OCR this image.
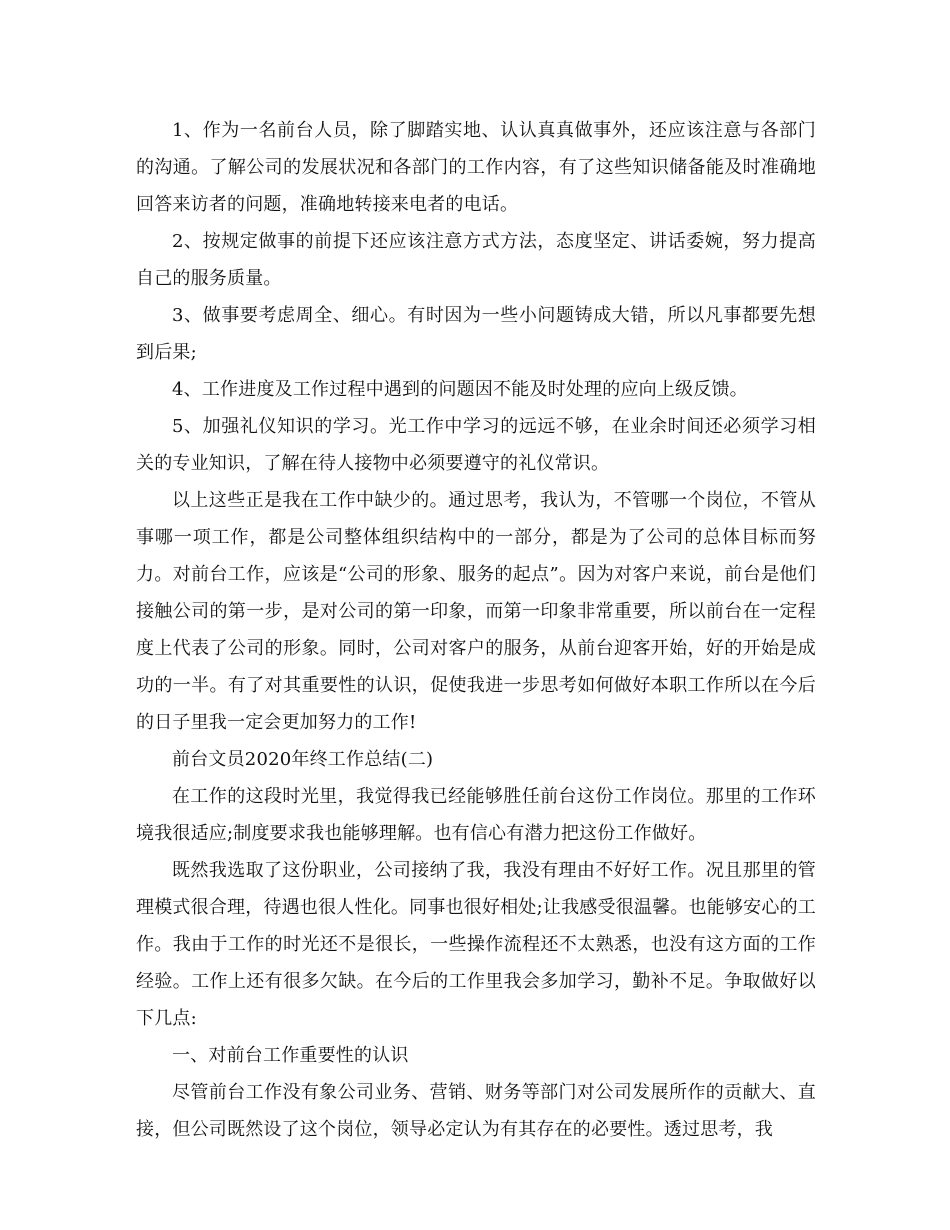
1、作为一名前台人员，除了脚踏实地、认认真真做事外，还应该注意与各部门的沟通。了解公司的发展状况和各部门的工作内容，有了这些知识储备能及时准确地回答来访者的问题，准确地转接来电者的电话。

2、按规定做事的前提下还应该注意方式方法，态度坚定、讲话委婉，努力提高自己的服务质量。

3、做事要考虑周全、细心。有时因为一些小问题铸成大错，所以凡事都要先想到后果;

4、工作进度及工作过程中遇到的问题因不能及时处理的应向上级反馈。

5、加强礼仪知识的学习。光工作中学习的远远不够，在业余时间还必须学习相关的专业知识，了解在待人接物中必须要遵守的礼仪常识。

以上这些正是我在工作中缺少的。通过思考，我认为，不管哪一个岗位，不管从事哪一项工作，都是公司整体组织结构中的一部分，都是为了公司的总体目标而努力。对前台工作，应该是“公司的形象、服务的起点”。因为对客户来说，前台是他们接触公司的第一步，是对公司的第一印象，而第一印象非常重要，所以前台在一定程度上代表了公司的形象。同时，公司对客户的服务，从前台迎客开始，好的开始是成功的一半。有了对其重要性的认识，促使我进一步思考如何做好本职工作所以在今后的日子里我一定会更加努力的工作!

前台文员2020年终工作总结(二)

在工作的这段时光里，我觉得我已经能够胜任前台这份工作岗位。那里的工作环境我很适应;制度要求我也能够理解。也有信心有潜力把这份工作做好。

既然我选取了这份职业，公司接纳了我，我没有理由不好好工作。况且那里的管理模式很合理，待遇也很人性化。同事也很好相处;让我感受很温馨。也能够安心的工作。我由于工作的时光还不是很长，一些操作流程还不太熟悉，也没有这方面的工作经验。工作上还有很多欠缺。在今后的工作里我会多加学习，勤补不足。争取做好以下几点:

一、对前台工作重要性的认识

尽管前台工作没有象公司业务、营销、财务等部门对公司发展所作的贡献大、直接，但公司既然设了这个岗位，领导必定认为有其存在的必要性。透过思考，我
